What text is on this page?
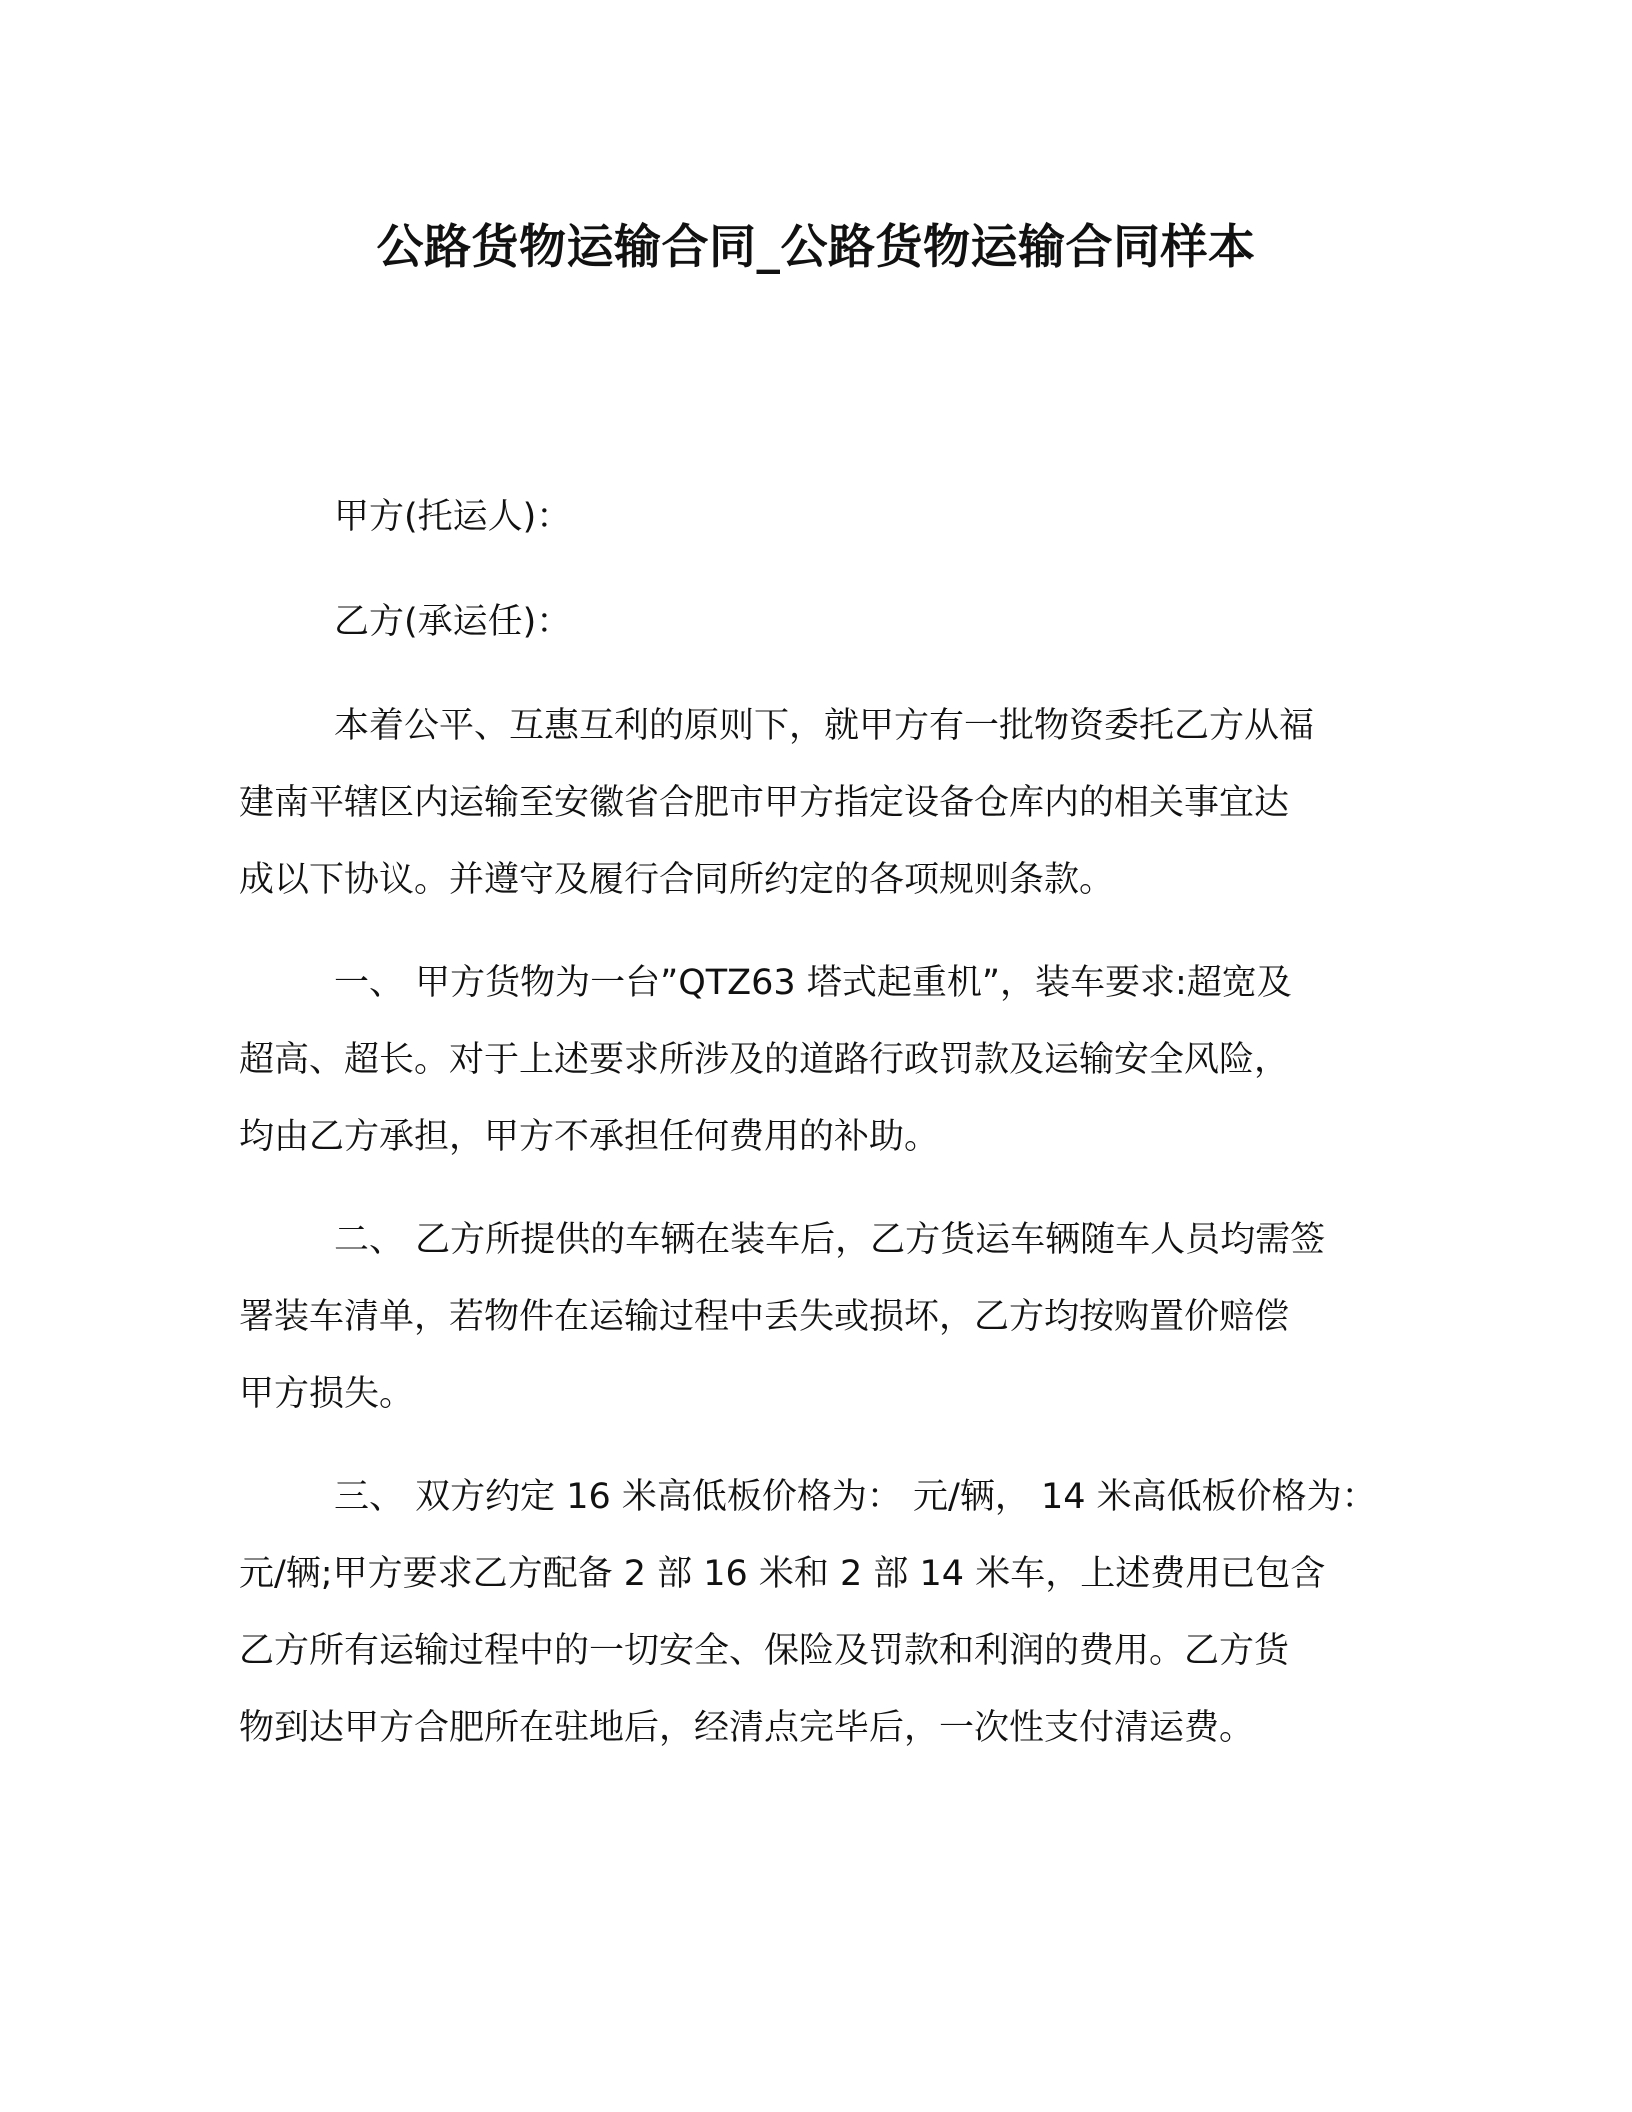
公路货物运输合同_公路货物运输合同样本
甲方(托运人)：
乙方(承运任)：
本着公平、互惠互利的原则下，就甲方有一批物资委托乙方从福
建南平辖区内运输至安徽省合肥市甲方指定设备仓库内的相关事宜达
成以下协议。并遵守及履行合同所约定的各项规则条款。
一、 甲方货物为一台”QTZ63 塔式起重机”，装车要求:超宽及
超高、超长。对于上述要求所涉及的道路行政罚款及运输安全风险，
均由乙方承担，甲方不承担任何费用的补助。
二、 乙方所提供的车辆在装车后，乙方货运车辆随车人员均需签
署装车清单，若物件在运输过程中丢失或损坏，乙方均按购置价赔偿
甲方损失。
三、 双方约定 16 米高低板价格为： 元/辆， 14 米高低板价格为：
元/辆;甲方要求乙方配备 2 部 16 米和 2 部 14 米车，上述费用已包含
乙方所有运输过程中的一切安全、保险及罚款和利润的费用。乙方货
物到达甲方合肥所在驻地后，经清点完毕后，一次性支付清运费。
